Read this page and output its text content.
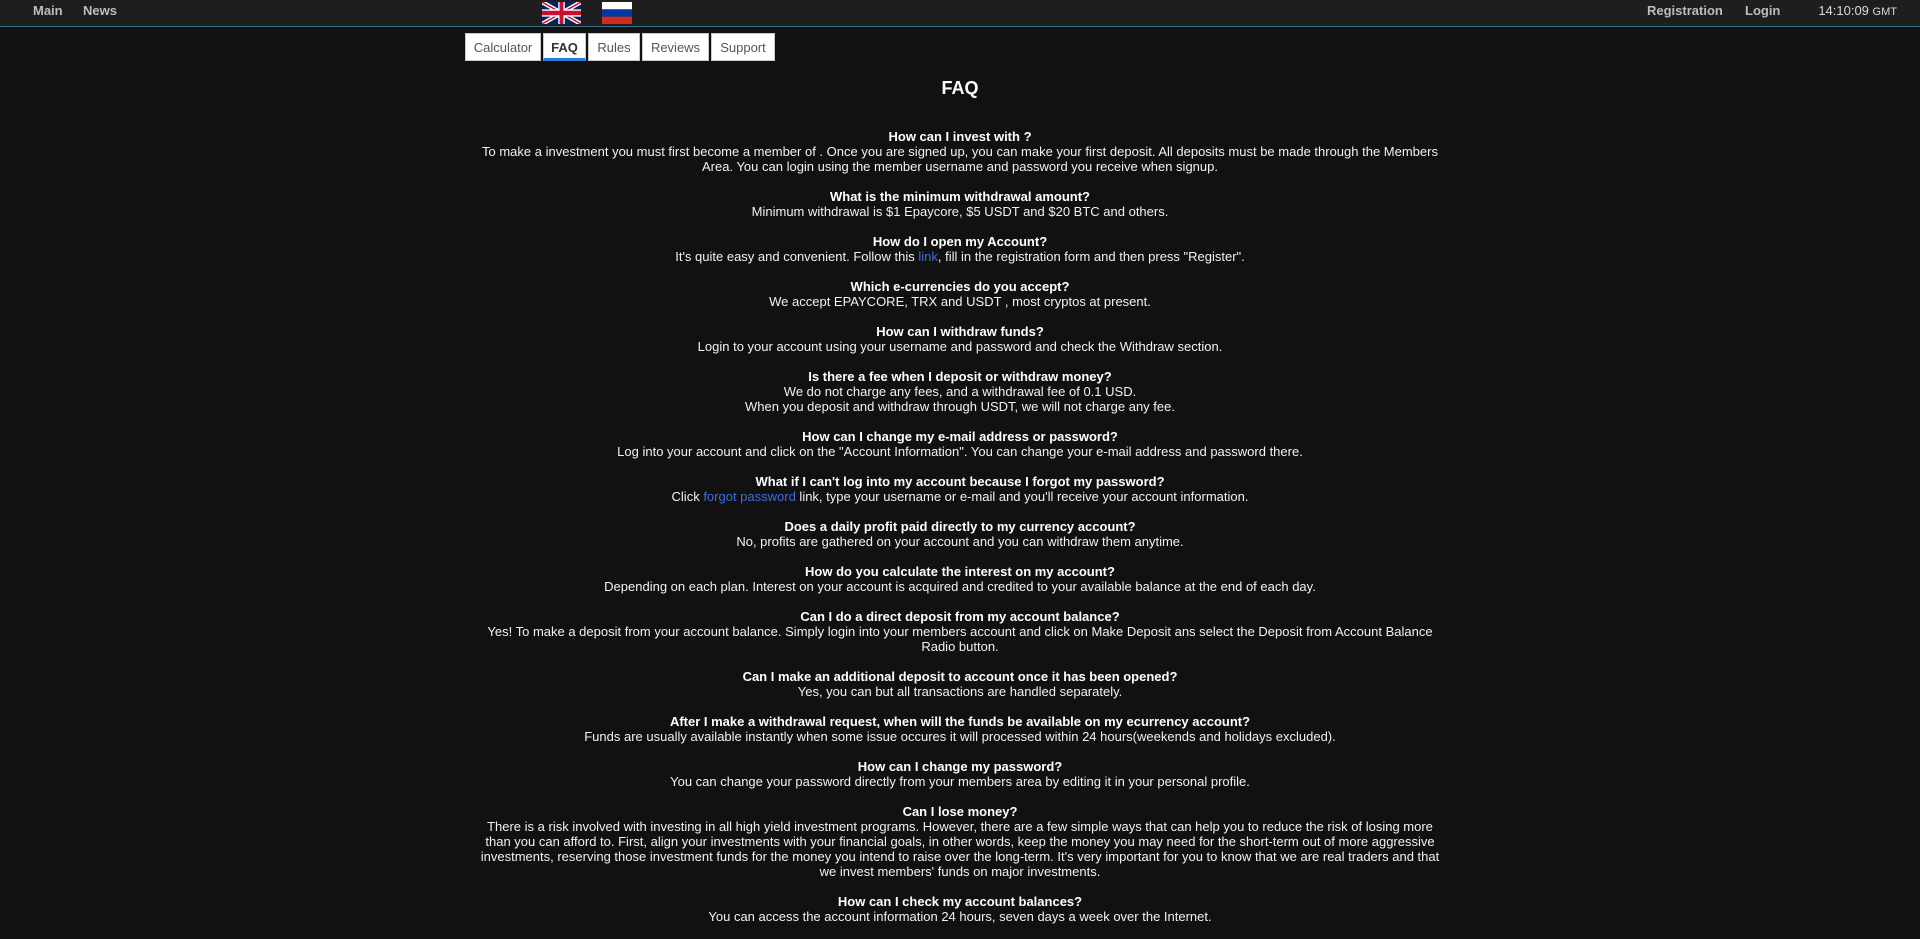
Main News	Registration Login	14:10:09 GMT
Calculator	FAQ	Rules	Reviews	Support
FAQ
How can I invest with ?
To make a investment you must first become a member of . Once you are signed up, you can make your first deposit. All deposits must be made through the Members Area. You can login using the member username and password you receive when signup.
What is the minimum withdrawal amount?
Minimum withdrawal is $1 Epaycore, $5 USDT and $20 BTC and others.
How do I open my Account?
It's quite easy and convenient. Follow this link, fill in the registration form and then press "Register".
Which e-currencies do you accept?
We accept EPAYCORE, TRX and USDT , most cryptos at present.
How can I withdraw funds?
Login to your account using your username and password and check the Withdraw section.
Is there a fee when I deposit or withdraw money?
We do not charge any fees, and a withdrawal fee of 0.1 USD.
When you deposit and withdraw through USDT, we will not charge any fee.
How can I change my e-mail address or password?
Log into your account and click on the "Account Information". You can change your e-mail address and password there.
What if I can't log into my account because I forgot my password?
Click forgot password link, type your username or e-mail and you'll receive your account information.
Does a daily profit paid directly to my currency account?
No, profits are gathered on your account and you can withdraw them anytime.
How do you calculate the interest on my account?
Depending on each plan. Interest on your account is acquired and credited to your available balance at the end of each day.
Can I do a direct deposit from my account balance?
Yes! To make a deposit from your account balance. Simply login into your members account and click on Make Deposit ans select the Deposit from Account Balance Radio button.
Can I make an additional deposit to account once it has been opened?
Yes, you can but all transactions are handled separately.
After I make a withdrawal request, when will the funds be available on my ecurrency account?
Funds are usually available instantly when some issue occures it will processed within 24 hours(weekends and holidays excluded).
How can I change my password?
You can change your password directly from your members area by editing it in your personal profile.
Can I lose money?
There is a risk involved with investing in all high yield investment programs. However, there are a few simple ways that can help you to reduce the risk of losing more than you can afford to. First, align your investments with your financial goals, in other words, keep the money you may need for the short-term out of more aggressive investments, reserving those investment funds for the money you intend to raise over the long-term. It's very important for you to know that we are real traders and that we invest members' funds on major investments.
How can I check my account balances?
You can access the account information 24 hours, seven days a week over the Internet.
